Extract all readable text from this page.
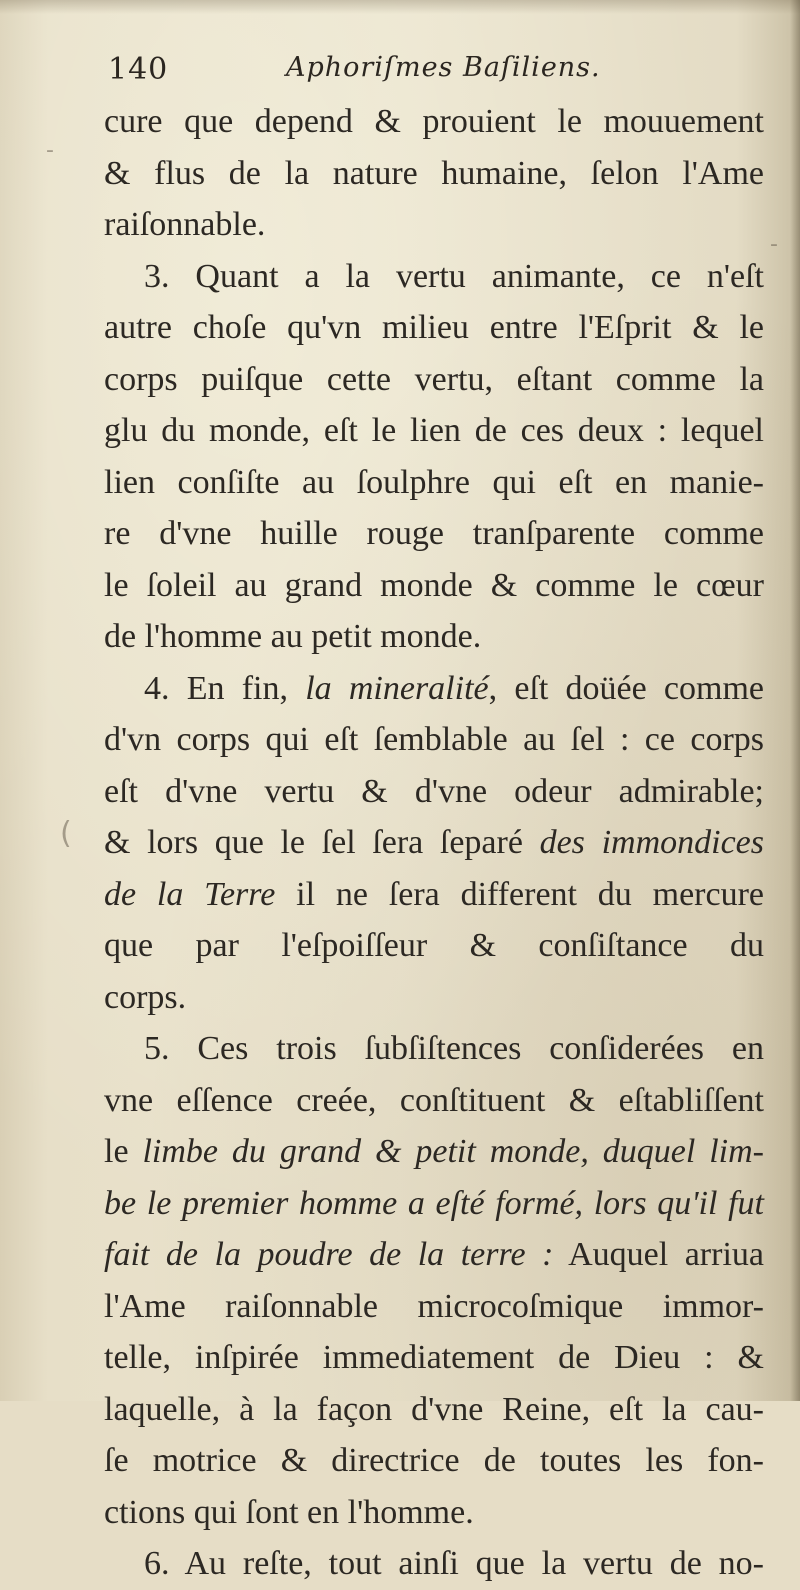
‐
‐
(
140	Aphoriſmes Baſiliens.
cure que depend & prouient le mouuement
& flus de la nature humaine, ſelon l'Ame
raiſonnable.
3. Quant a la vertu animante, ce n'eſt
autre choſe qu'vn milieu entre l'Eſprit & le
corps puiſque cette vertu, eſtant comme la
glu du monde, eſt le lien de ces deux : lequel
lien conſiſte au ſoulphre qui eſt en manie-
re d'vne huille rouge tranſparente comme
le ſoleil au grand monde & comme le cœur
de l'homme au petit monde.
4. En fin, la mineralité, eſt doüée comme
d'vn corps qui eſt ſemblable au ſel : ce corps
eſt d'vne vertu & d'vne odeur admirable;
& lors que le ſel ſera ſeparé des immondices
de la Terre il ne ſera different du mercure
que par l'eſpoiſſeur & conſiſtance du
corps.
5. Ces trois ſubſiſtences conſiderées en
vne eſſence creée, conſtituent & eſtabliſſent
le limbe du grand & petit monde, duquel lim-
be le premier homme a eſté formé, lors qu'il fut
fait de la poudre de la terre : Auquel arriua
l'Ame raiſonnable microcoſmique immor-
telle, inſpirée immediatement de Dieu : &
laquelle, à la façon d'vne Reine, eſt la cau-
ſe motrice & directrice de toutes les fon-
ctions qui ſont en l'homme.
6. Au reſte, tout ainſi que la vertu de no-
